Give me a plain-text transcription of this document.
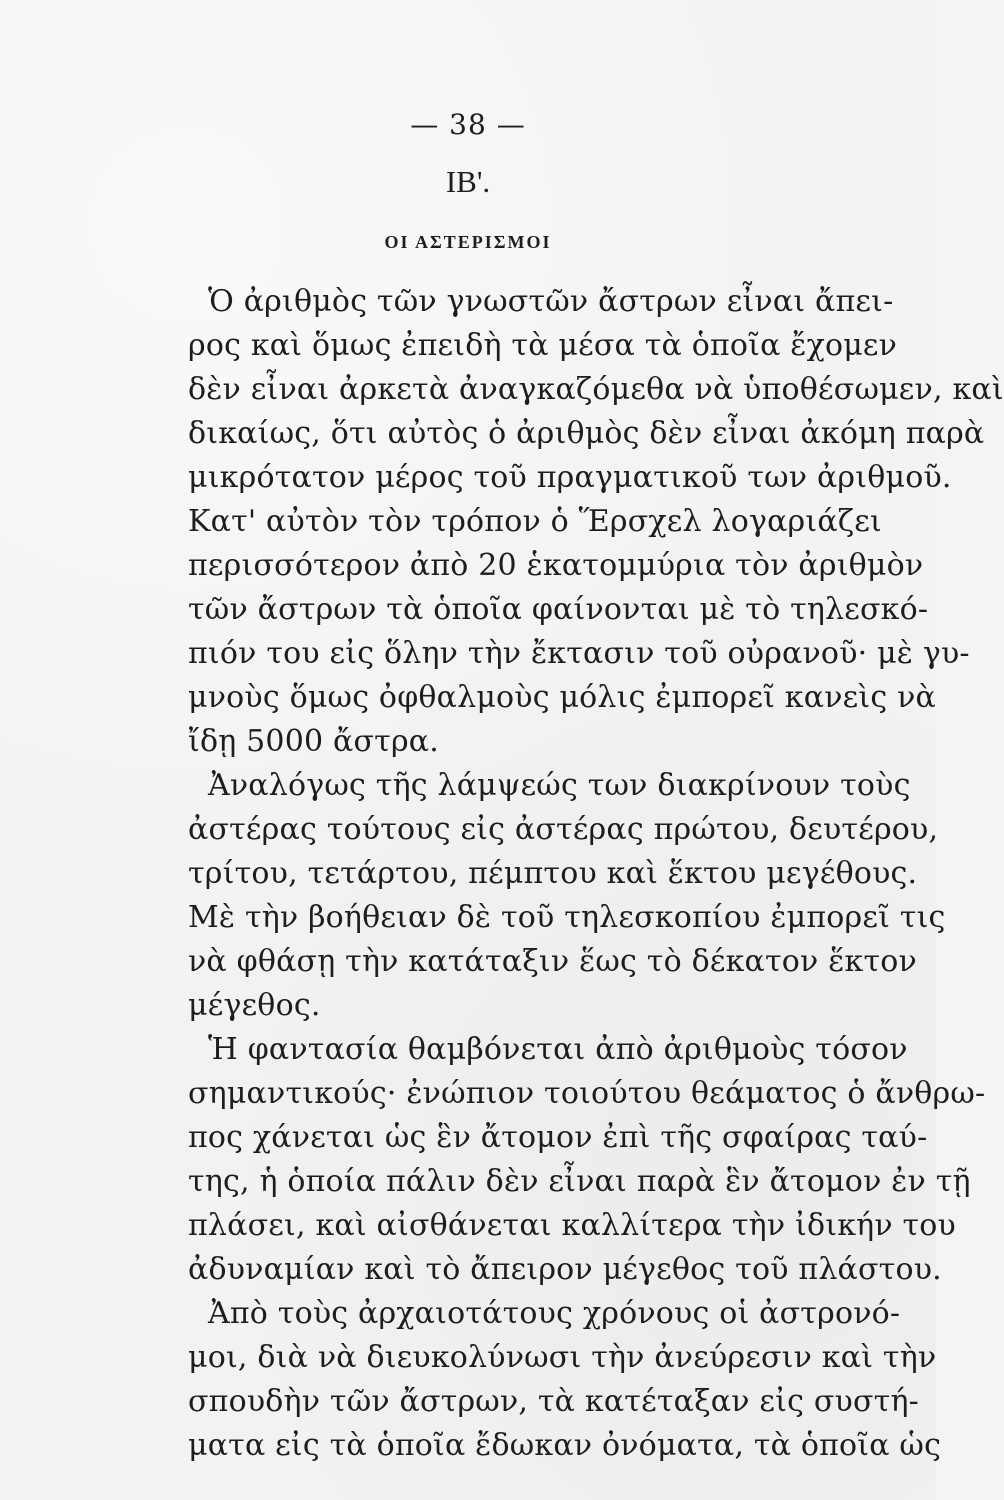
— 38 —
IB'.
ΟΙ ΑΣΤΕΡΙΣΜΟΙ
Ὁ ἀριθμὸς τῶν γνωστῶν ἄστρων εἶναι ἄπει-
ρος καὶ ὅμως ἐπειδὴ τὰ μέσα τὰ ὁποῖα ἔχομεν
δὲν εἶναι ἀρκετὰ ἀναγκαζόμεθα νὰ ὑποθέσωμεν, καὶ
δικαίως, ὅτι αὐτὸς ὁ ἀριθμὸς δὲν εἶναι ἀκόμη παρὰ
μικρότατον μέρος τοῦ πραγματικοῦ των ἀριθμοῦ.
Κατ' αὐτὸν τὸν τρόπον ὁ Ἕρσχελ λογαριάζει
περισσότερον ἀπὸ 20 ἑκατομμύρια τὸν ἀριθμὸν
τῶν ἄστρων τὰ ὁποῖα φαίνονται μὲ τὸ τηλεσκό-
πιόν του εἰς ὅλην τὴν ἔκτασιν τοῦ οὐρανοῦ· μὲ γυ-
μνοὺς ὅμως ὀφθαλμοὺς μόλις ἐμπορεῖ κανεὶς νὰ
ἴδῃ 5000 ἄστρα.
Ἀναλόγως τῆς λάμψεώς των διακρίνουν τοὺς
ἀστέρας τούτους εἰς ἀστέρας πρώτου, δευτέρου,
τρίτου, τετάρτου, πέμπτου καὶ ἕκτου μεγέθους.
Μὲ τὴν βοήθειαν δὲ τοῦ τηλεσκοπίου ἐμπορεῖ τις
νὰ φθάσῃ τὴν κατάταξιν ἕως τὸ δέκατον ἕκτον
μέγεθος.
Ἡ φαντασία θαμβόνεται ἀπὸ ἀριθμοὺς τόσον
σημαντικούς· ἐνώπιον τοιούτου θεάματος ὁ ἄνθρω-
πος χάνεται ὡς ἓν ἄτομον ἐπὶ τῆς σφαίρας ταύ-
της, ἡ ὁποία πάλιν δὲν εἶναι παρὰ ἓν ἄτομον ἐν τῇ
πλάσει, καὶ αἰσθάνεται καλλίτερα τὴν ἰδικήν του
ἀδυναμίαν καὶ τὸ ἄπειρον μέγεθος τοῦ πλάστου.
Ἀπὸ τοὺς ἀρχαιοτάτους χρόνους οἱ ἀστρονό-
μοι, διὰ νὰ διευκολύνωσι τὴν ἀνεύρεσιν καὶ τὴν
σπουδὴν τῶν ἄστρων, τὰ κατέταξαν εἰς συστή-
ματα εἰς τὰ ὁποῖα ἔδωκαν ὀνόματα, τὰ ὁποῖα ὡς
